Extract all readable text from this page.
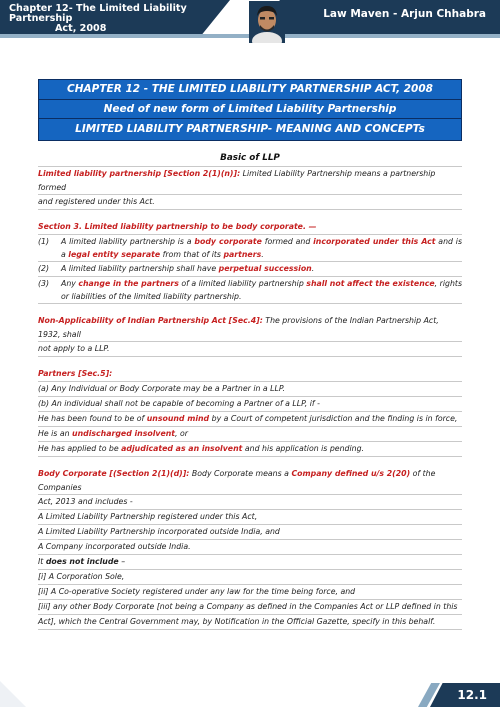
Chapter 12- The Limited Liability Partnership
Act, 2008
Law Maven - Arjun Chhabra
CHAPTER 12 - THE LIMITED LIABILITY PARTNERSHIP ACT, 2008
Need of new form of Limited Liability Partnership
LIMITED LIABILITY PARTNERSHIP- MEANING AND CONCEPTs
Basic of LLP
Limited liability partnership [Section 2(1)(n)]: Limited Liability Partnership means a partnership formed
and registered under this Act.
Section 3. Limited liability partnership to be body corporate. —
(1)	A limited liability partnership is a body corporate formed and incorporated under this Act and is a legal entity separate from that of its partners.
(2)	A limited liability partnership shall have perpetual succession.
(3)	Any change in the partners of a limited liability partnership shall not affect the existence, rights or liabilities of the limited liability partnership.
Non-Applicability of Indian Partnership Act [Sec.4]: The provisions of the Indian Partnership Act, 1932, shall
not apply to a LLP.
Partners [Sec.5]:
(a) Any Individual or Body Corporate may be a Partner in a LLP.
(b) An individual shall not be capable of becoming a Partner of a LLP, if -
He has been found to be of unsound mind by a Court of competent jurisdiction and the finding is in force,
He is an undischarged insolvent, or
He has applied to be adjudicated as an insolvent and his application is pending.
Body Corporate [(Section 2(1)(d)]: Body Corporate means a Company defined u/s 2(20) of the Companies
Act, 2013 and includes -
A Limited Liability Partnership registered under this Act,
A Limited Liability Partnership incorporated outside India, and
A Company incorporated outside India.
It does not include –
[i] A Corporation Sole,
[ii] A Co-operative Society registered under any law for the time being force, and
[iii] any other Body Corporate [not being a Company as defined in the Companies Act or LLP defined in this
Act], which the Central Government may, by Notification in the Official Gazette, specify in this behalf.
12.1
